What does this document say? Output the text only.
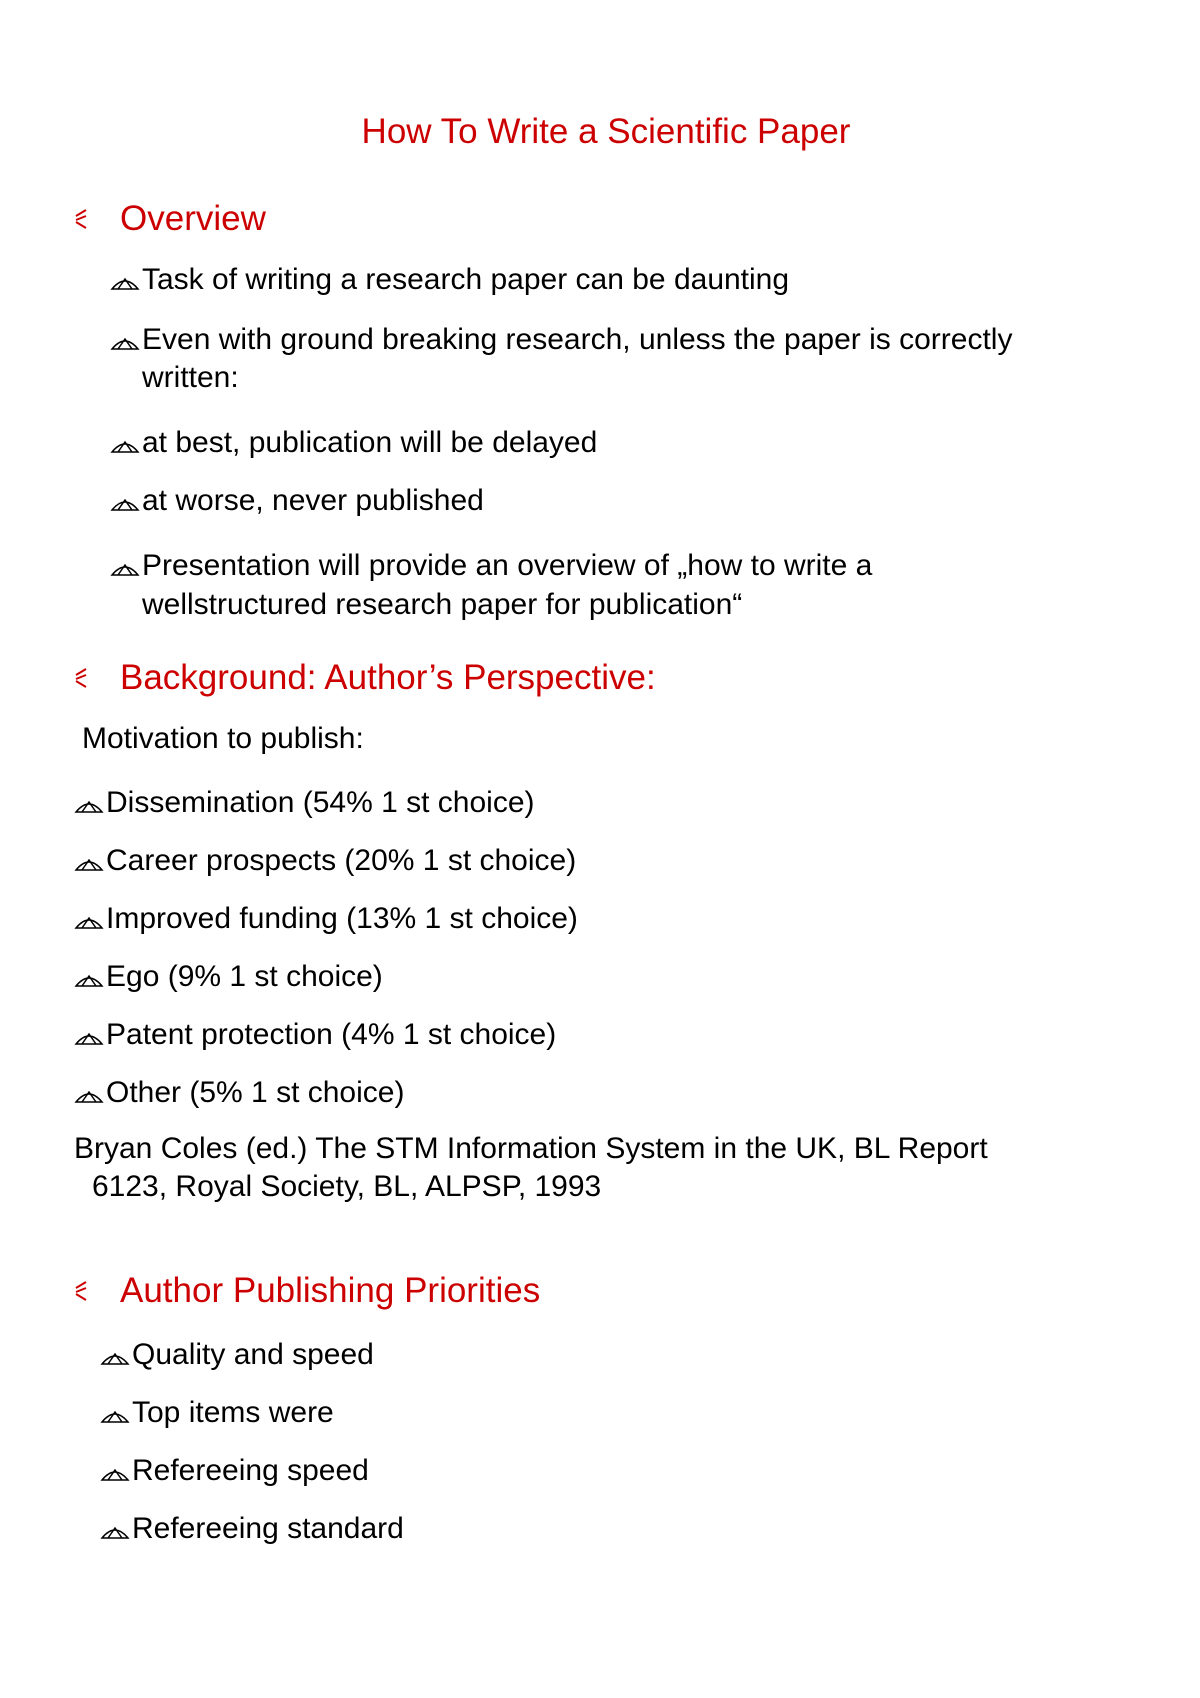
How To Write a Scientific Paper
Overview
Task of writing a research paper can be daunting
Even with ground breaking research, unless the paper is correctly
written:
at best, publication will be delayed
at worse, never published
Presentation will provide an overview of „how to write a
wellstructured research paper for publication“
Background: Author’s Perspective:
Motivation to publish:
Dissemination (54% 1 st choice)
Career prospects (20% 1 st choice)
Improved funding (13% 1 st choice)
Ego (9% 1 st choice)
Patent protection (4% 1 st choice)
Other (5% 1 st choice)
Bryan Coles (ed.) The STM Information System in the UK, BL Report
6123, Royal Society, BL, ALPSP, 1993
Author Publishing Priorities
Quality and speed
Top items were
Refereeing speed
Refereeing standard
